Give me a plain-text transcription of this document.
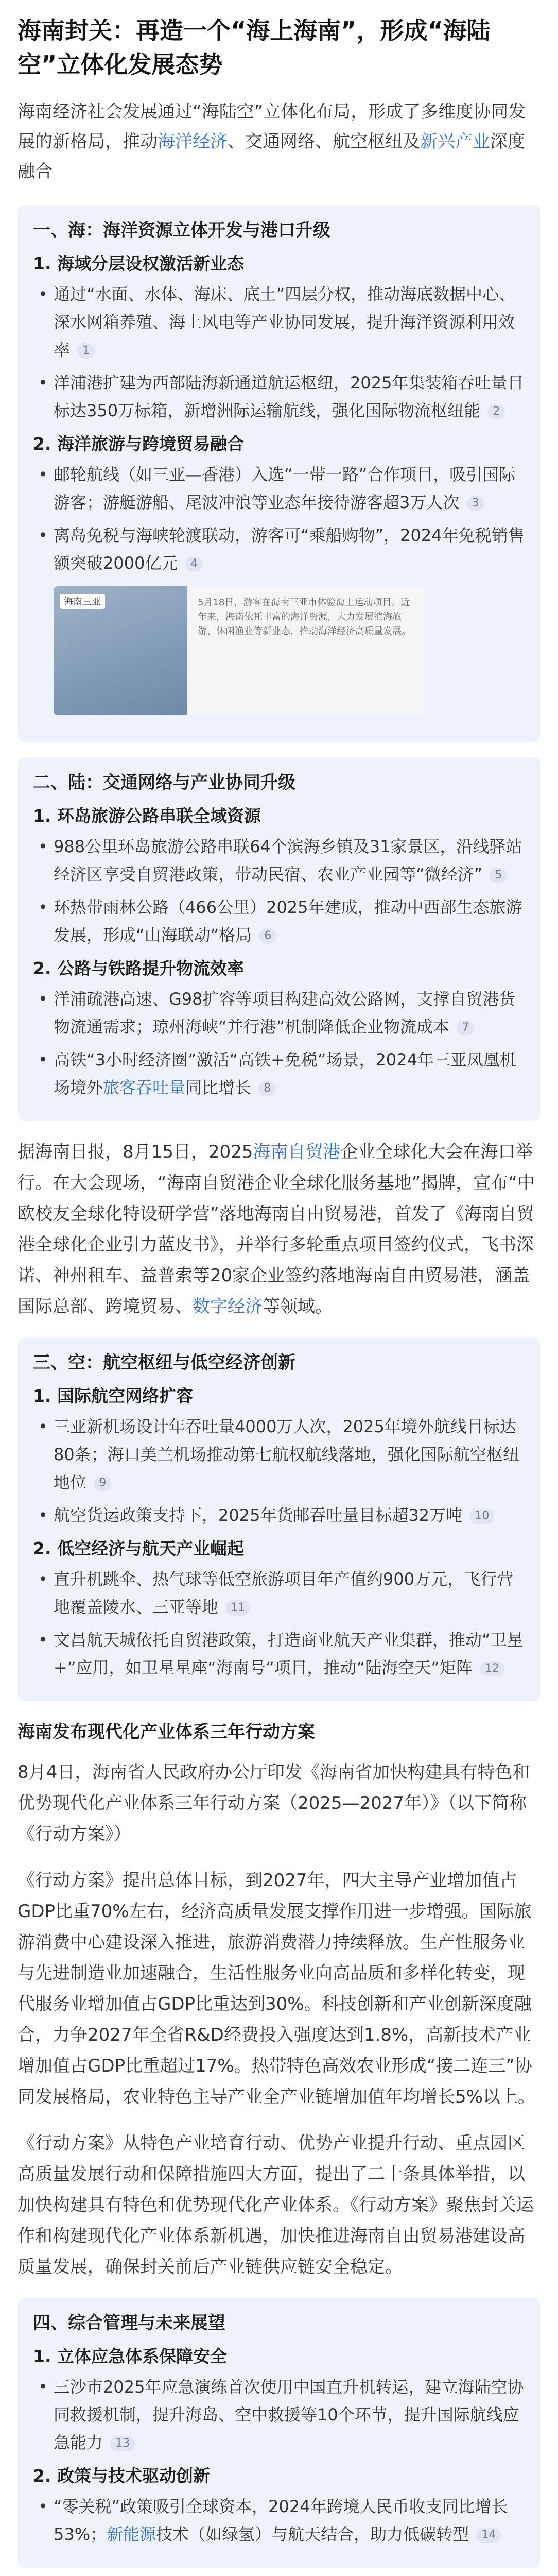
海南封关：再造一个“海上海南”，形成“海陆空”立体化发展态势
海南经济社会发展通过“海陆空”立体化布局，形成了多维度协同发展的新格局，推动海洋经济、交通网络、航空枢纽及新兴产业深度融合
一、海：海洋资源立体开发与港口升级
1. 海域分层设权激活新业态
• 通过“水面、水体、海床、底土”四层分权，推动海底数据中心、深水网箱养殖、海上风电等产业协同发展，提升海洋资源利用效率 1
• 洋浦港扩建为西部陆海新通道航运枢纽，2025年集装箱吞吐量目标达350万标箱，新增洲际运输航线，强化国际物流枢纽能 2
2. 海洋旅游与跨境贸易融合
• 邮轮航线（如三亚—香港）入选“一带一路”合作项目，吸引国际游客；游艇游船、尾波冲浪等业态年接待游客超3万人次 3
• 离岛免税与海峡轮渡联动，游客可“乘船购物”，2024年免税销售额突破2000亿元 4
海南三亚	5月18日，游客在海南三亚市体验海上运动项目。近年来，海南依托丰富的海洋资源，大力发展滨海旅游、休闲渔业等新业态，推动海洋经济高质量发展。
二、陆：交通网络与产业协同升级
1. 环岛旅游公路串联全域资源
• 988公里环岛旅游公路串联64个滨海乡镇及31家景区，沿线驿站经济区享受自贸港政策，带动民宿、农业产业园等“微经济” 5
• 环热带雨林公路（466公里）2025年建成，推动中西部生态旅游发展，形成“山海联动”格局 6
2. 公路与铁路提升物流效率
• 洋浦疏港高速、G98扩容等项目构建高效公路网，支撑自贸港货物流通需求；琼州海峡“并行港”机制降低企业物流成本 7
• 高铁“3小时经济圈”激活“高铁+免税”场景，2024年三亚凤凰机场境外旅客吞吐量同比增长 8
据海南日报，8月15日，2025海南自贸港企业全球化大会在海口举行。在大会现场，“海南自贸港企业全球化服务基地”揭牌，宣布“中欧校友全球化特设研学营”落地海南自由贸易港，首发了《海南自贸港全球化企业引力蓝皮书》，并举行多轮重点项目签约仪式，飞书深诺、神州租车、益普索等20家企业签约落地海南自由贸易港，涵盖国际总部、跨境贸易、数字经济等领域。
三、空：航空枢纽与低空经济创新
1. 国际航空网络扩容
• 三亚新机场设计年吞吐量4000万人次，2025年境外航线目标达80条；海口美兰机场推动第七航权航线落地，强化国际航空枢纽地位 9
• 航空货运政策支持下，2025年货邮吞吐量目标超32万吨 10
2. 低空经济与航天产业崛起
• 直升机跳伞、热气球等低空旅游项目年产值约900万元，飞行营地覆盖陵水、三亚等地 11
• 文昌航天城依托自贸港政策，打造商业航天产业集群，推动“卫星+”应用，如卫星星座“海南号”项目，推动“陆海空天”矩阵 12
海南发布现代化产业体系三年行动方案
8月4日，海南省人民政府办公厅印发《海南省加快构建具有特色和优势现代化产业体系三年行动方案（2025—2027年）》（以下简称《行动方案》）
《行动方案》提出总体目标，到2027年，四大主导产业增加值占GDP比重70%左右，经济高质量发展支撑作用进一步增强。国际旅游消费中心建设深入推进，旅游消费潜力持续释放。生产性服务业与先进制造业加速融合，生活性服务业向高品质和多样化转变，现代服务业增加值占GDP比重达到30%。科技创新和产业创新深度融合，力争2027年全省R&D经费投入强度达到1.8%，高新技术产业增加值占GDP比重超过17%。热带特色高效农业形成“接二连三”协同发展格局，农业特色主导产业全产业链增加值年均增长5%以上。
《行动方案》从特色产业培育行动、优势产业提升行动、重点园区高质量发展行动和保障措施四大方面，提出了二十条具体举措，以加快构建具有特色和优势现代化产业体系。《行动方案》聚焦封关运作和构建现代化产业体系新机遇，加快推进海南自由贸易港建设高质量发展，确保封关前后产业链供应链安全稳定。
四、综合管理与未来展望
1. 立体应急体系保障安全
• 三沙市2025年应急演练首次使用中国直升机转运，建立海陆空协同救援机制，提升海岛、空中救援等10个环节，提升国际航线应急能力 13
2. 政策与技术驱动创新
• “零关税”政策吸引全球资本，2024年跨境人民币收支同比增长53%；新能源技术（如绿氢）与航天结合，助力低碳转型 14
